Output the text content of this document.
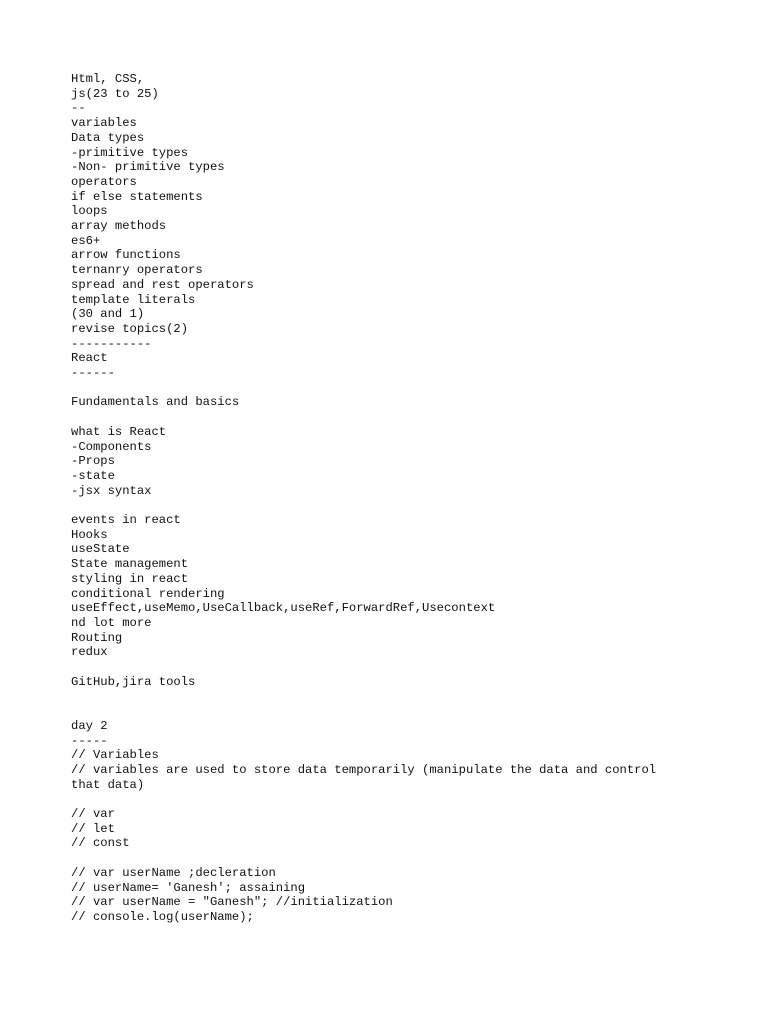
Html, CSS,
js(23 to 25)
--
variables
Data types
-primitive types
-Non- primitive types
operators
if else statements
loops
array methods
es6+
arrow functions
ternanry operators
spread and rest operators
template literals
(30 and 1)
revise topics(2)
-----------
React
------
Fundamentals and basics
what is React
-Components
-Props
-state
-jsx syntax
events in react
Hooks
useState
State management
styling in react
conditional rendering
useEffect,useMemo,UseCallback,useRef,ForwardRef,Usecontext
nd lot more
Routing
redux
GitHub,jira tools
day 2
-----
// Variables
// variables are used to store data temporarily (manipulate the data and control
that data)
// var
// let
// const
// var userName ;decleration
// userName= 'Ganesh'; assaining
// var userName = "Ganesh"; //initialization
// console.log(userName);
